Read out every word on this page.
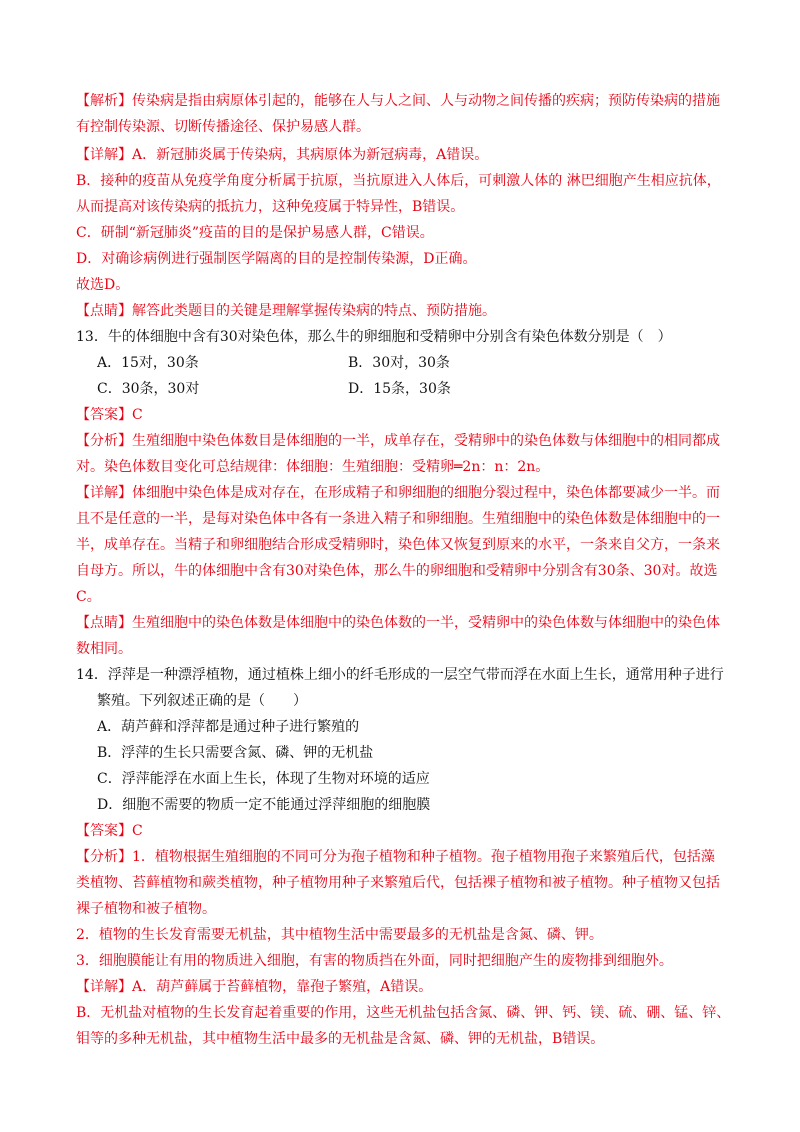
【解析】传染病是指由病原体引起的，能够在人与人之间、人与动物之间传播的疾病；预防传染病的措施
有控制传染源、切断传播途径、保护易感人群。
【详解】A．新冠肺炎属于传染病，其病原体为新冠病毒，A错误。
B．接种的疫苗从免疫学角度分析属于抗原，当抗原进入人体后，可刺激人体的 淋巴细胞产生相应抗体，
从而提高对该传染病的抵抗力，这种免疫属于特异性，B错误。
C．研制“新冠肺炎”疫苗的目的是保护易感人群，C错误。
D．对确诊病例进行强制医学隔离的目的是控制传染源，D正确。
故选D。
【点睛】解答此类题目的关键是理解掌握传染病的特点、预防措施。
13．牛的体细胞中含有30对染色体，那么牛的卵细胞和受精卵中分别含有染色体数分别是（　）
A．15对，30条	B．30对，30条
C．30条，30对	D．15条，30条
【答案】C
【分析】生殖细胞中染色体数目是体细胞的一半，成单存在，受精卵中的染色体数与体细胞中的相同都成
对。染色体数目变化可总结规律：体细胞：生殖细胞：受精卵═2n：n：2n。
【详解】体细胞中染色体是成对存在，在形成精子和卵细胞的细胞分裂过程中，染色体都要减少一半。而
且不是任意的一半，是每对染色体中各有一条进入精子和卵细胞。生殖细胞中的染色体数是体细胞中的一
半，成单存在。当精子和卵细胞结合形成受精卵时，染色体又恢复到原来的水平，一条来自父方，一条来
自母方。所以，牛的体细胞中含有30对染色体，那么牛的卵细胞和受精卵中分别含有30条、30对。故选
C。
【点睛】生殖细胞中的染色体数是体细胞中的染色体数的一半，受精卵中的染色体数与体细胞中的染色体
数相同。
14．浮萍是一种漂浮植物，通过植株上细小的纤毛形成的一层空气带而浮在水面上生长，通常用种子进行
繁殖。下列叙述正确的是（　　）
A．葫芦藓和浮萍都是通过种子进行繁殖的
B．浮萍的生长只需要含氮、磷、钾的无机盐
C．浮萍能浮在水面上生长，体现了生物对环境的适应
D．细胞不需要的物质一定不能通过浮萍细胞的细胞膜
【答案】C
【分析】1．植物根据生殖细胞的不同可分为孢子植物和种子植物。孢子植物用孢子来繁殖后代，包括藻
类植物、苔藓植物和蕨类植物，种子植物用种子来繁殖后代，包括裸子植物和被子植物。种子植物又包括
裸子植物和被子植物。
2．植物的生长发育需要无机盐，其中植物生活中需要最多的无机盐是含氮、磷、钾。
3．细胞膜能让有用的物质进入细胞，有害的物质挡在外面，同时把细胞产生的废物排到细胞外。
【详解】A．葫芦藓属于苔藓植物，靠孢子繁殖，A错误。
B．无机盐对植物的生长发育起着重要的作用，这些无机盐包括含氮、磷、钾、钙、镁、硫、硼、锰、锌、
钼等的多种无机盐，其中植物生活中最多的无机盐是含氮、磷、钾的无机盐，B错误。
